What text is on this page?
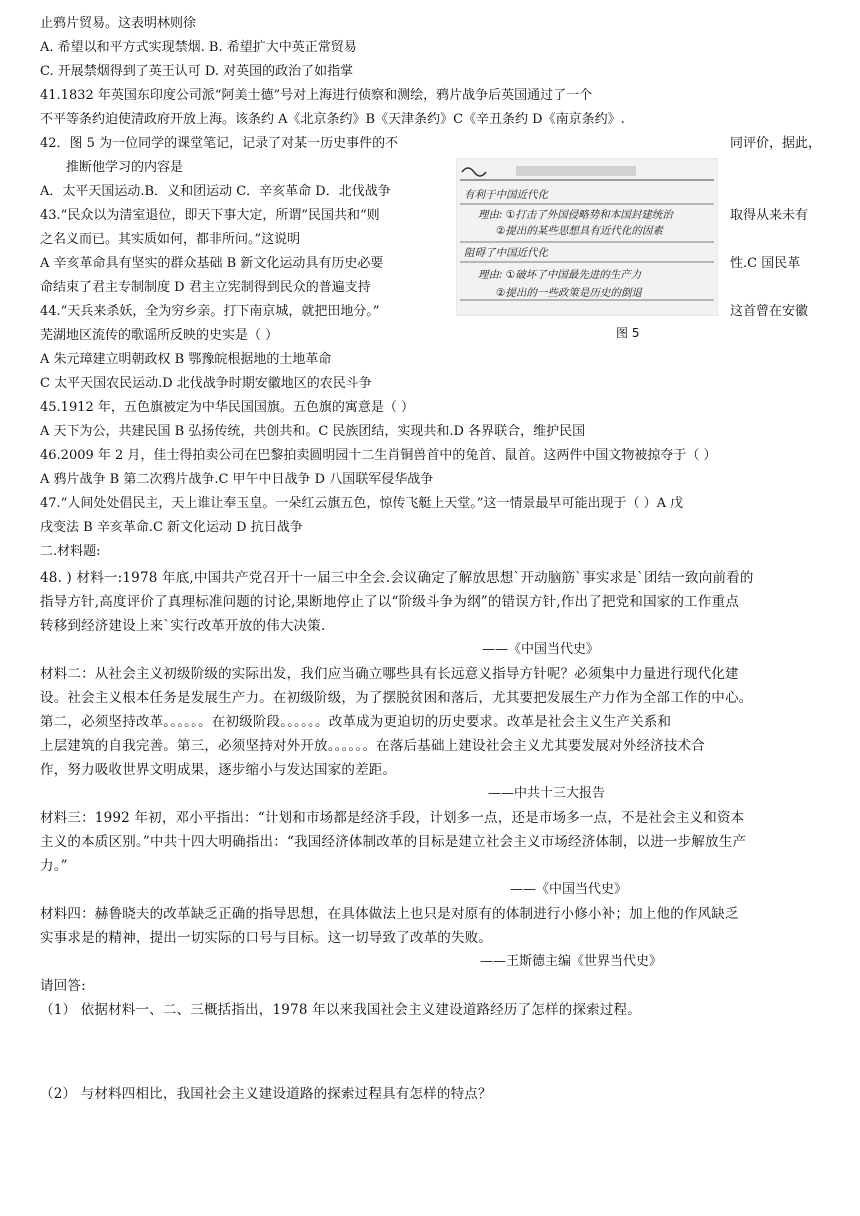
止鸦片贸易。这表明林则徐
A. 希望以和平方式实现禁烟. B. 希望扩大中英正常贸易
C. 开展禁烟得到了英王认可 D. 对英国的政治了如指掌
41.1832 年英国东印度公司派“阿美士德”号对上海进行侦察和测绘，鸦片战争后英国通过了一个
不平等条约迫使清政府开放上海。该条约 A《北京条约》B《天津条约》C《辛丑条约 D《南京条约》.
42．图 5 为一位同学的课堂笔记，记录了对某一历史事件的不	同评价，据此，
推断他学习的内容是
A．太平天国运动.B．义和团运动 C．辛亥革命 D．北伐战争
43.“民众以为清室退位，即天下事大定，所谓”民国共和“则	取得从来未有
之名义而已。其实质如何，都非所问。”这说明
A 辛亥革命具有坚实的群众基础 B 新文化运动具有历史必要	性.C 国民革
命结束了君主专制制度 D 君主立宪制得到民众的普遍支持
44.“天兵来杀妖，全为穷乡亲。打下南京城，就把田地分。”	这首曾在安徽
芜湖地区流传的歌谣所反映的史实是（ ）
A 朱元璋建立明朝政权 B 鄂豫皖根据地的土地革命
C 太平天国农民运动.D 北伐战争时期安徽地区的农民斗争
45.1912 年，五色旗被定为中华民国国旗。五色旗的寓意是（ ）
A 天下为公，共建民国 B 弘扬传统，共创共和。C 民族团结，实现共和.D 各界联合，维护民国
46.2009 年 2 月，佳士得拍卖公司在巴黎拍卖圆明园十二生肖铜兽首中的兔首、鼠首。这两件中国文物被掠夺于（ ）
A 鸦片战争 B 第二次鸦片战争.C 甲午中日战争 D 八国联军侵华战争
47.“人间处处倡民主，天上谁让奉玉皇。一朵红云旗五色，惊传飞艇上天堂。”这一情景最早可能出现于（ ）A 戊
戌变法 B 辛亥革命.C 新文化运动 D 抗日战争
二.材料题:
48. ) 材料一:1978 年底,中国共产党召开十一届三中全会.会议确定了解放思想`开动脑筋`事实求是`团结一致向前看的
指导方针,高度评价了真理标准问题的讨论,果断地停止了以“阶级斗争为纲”的错误方针,作出了把党和国家的工作重点
转移到经济建设上来`实行改革开放的伟大决策.
——《中国当代史》
材料二：从社会主义初级阶级的实际出发，我们应当确立哪些具有长远意义指导方针呢？必须集中力量进行现代化建
设。社会主义根本任务是发展生产力。在初级阶级，为了摆脱贫困和落后，尤其要把发展生产力作为全部工作的中心。
第二，必须坚持改革。。。。。。在初级阶段。。。。。。改革成为更迫切的历史要求。改革是社会主义生产关系和
上层建筑的自我完善。第三，必须坚持对外开放。。。。。。在落后基础上建设社会主义尤其要发展对外经济技术合
作，努力吸收世界文明成果，逐步缩小与发达国家的差距。
——中共十三大报告
材料三：1992 年初，邓小平指出：“计划和市场都是经济手段，计划多一点，还是市场多一点，不是社会主义和资本
主义的本质区别。”中共十四大明确指出：“我国经济体制改革的目标是建立社会主义市场经济体制，以进一步解放生产
力。”
——《中国当代史》
材料四：赫鲁晓夫的改革缺乏正确的指导思想，在具体做法上也只是对原有的体制进行小修小补；加上他的作风缺乏
实事求是的精神，提出一切实际的口号与目标。这一切导致了改革的失败。
——王斯德主编《世界当代史》
请回答:
（1） 依据材料一、二、三概括指出，1978 年以来我国社会主义建设道路经历了怎样的探索过程。
（2） 与材料四相比，我国社会主义建设道路的探索过程具有怎样的特点？
有利于中国近代化
理由: ①打击了外国侵略势和本国封建统治
②提出的某些思想具有近代化的因素
阻碍了中国近代化
理由: ①破坏了中国最先进的生产力
②提出的一些政策是历史的倒退
图 5
